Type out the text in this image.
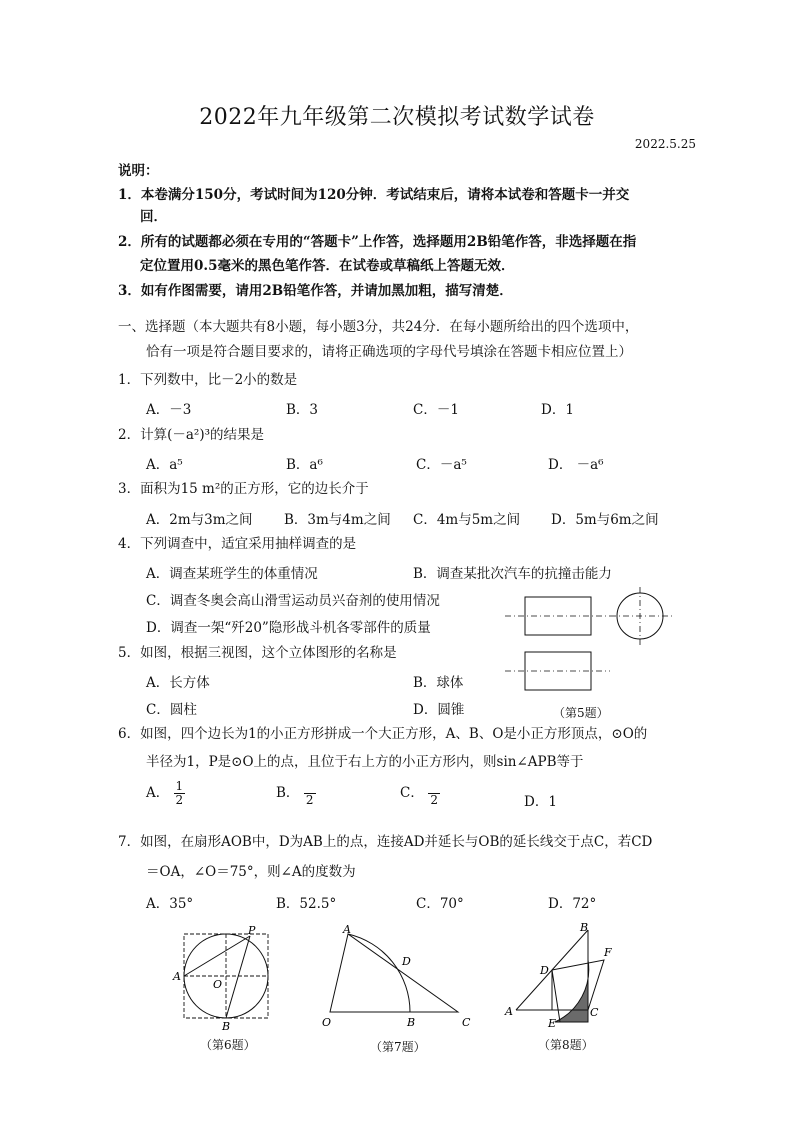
2022年九年级第二次模拟考试数学试卷
2022.5.25
说明：
1．本卷满分150分，考试时间为120分钟．考试结束后，请将本试卷和答题卡一并交
回．
2．所有的试题都必须在专用的“答题卡”上作答，选择题用2B铅笔作答，非选择题在指
定位置用0.5毫米的黑色笔作答．在试卷或草稿纸上答题无效．
3．如有作图需要，请用2B铅笔作答，并请加黑加粗，描写清楚．
一、选择题（本大题共有8小题，每小题3分，共24分．在每小题所给出的四个选项中，
恰有一项是符合题目要求的，请将正确选项的字母代号填涂在答题卡相应位置上）
1．下列数中，比－2小的数是
A．－3	B．3	C．－1	D．1
2．计算(－a²)³的结果是
A．a⁵	B．a⁶	C．－a⁵	D． －a⁶
3．面积为15 m²的正方形，它的边长介于
A．2m与3m之间 B．3m与4m之间 C．4m与5m之间 D．5m与6m之间
4．下列调查中，适宜采用抽样调查的是
A．调查某班学生的体重情况	B．调查某批次汽车的抗撞击能力
C．调查冬奥会高山滑雪运动员兴奋剂的使用情况
D．调查一架“歼20”隐形战斗机各零部件的质量
5．如图，根据三视图，这个立体图形的名称是
A．长方体	B．球体
C．圆柱	D．圆锥	（第5题）
6．如图，四个边长为1的小正方形拼成一个大正方形，A、B、O是小正方形顶点，⊙O的
半径为1，P是⊙O上的点，且位于右上方的小正方形内，则sin∠APB等于
A． $\frac{1}{2}$	B． 2	C． 2	D．1
7．如图，在扇形AOB中，D为AB上的点，连接AD并延长与OB的延长线交于点C，若CD
＝OA，∠O＝75°，则∠A的度数为
A．35°	B．52.5°	C．70°	D．72°
P
A
O
B
（第6题）
A
D
O	B	C
（第7题）
B
F
D
A
E
C
（第8题）
